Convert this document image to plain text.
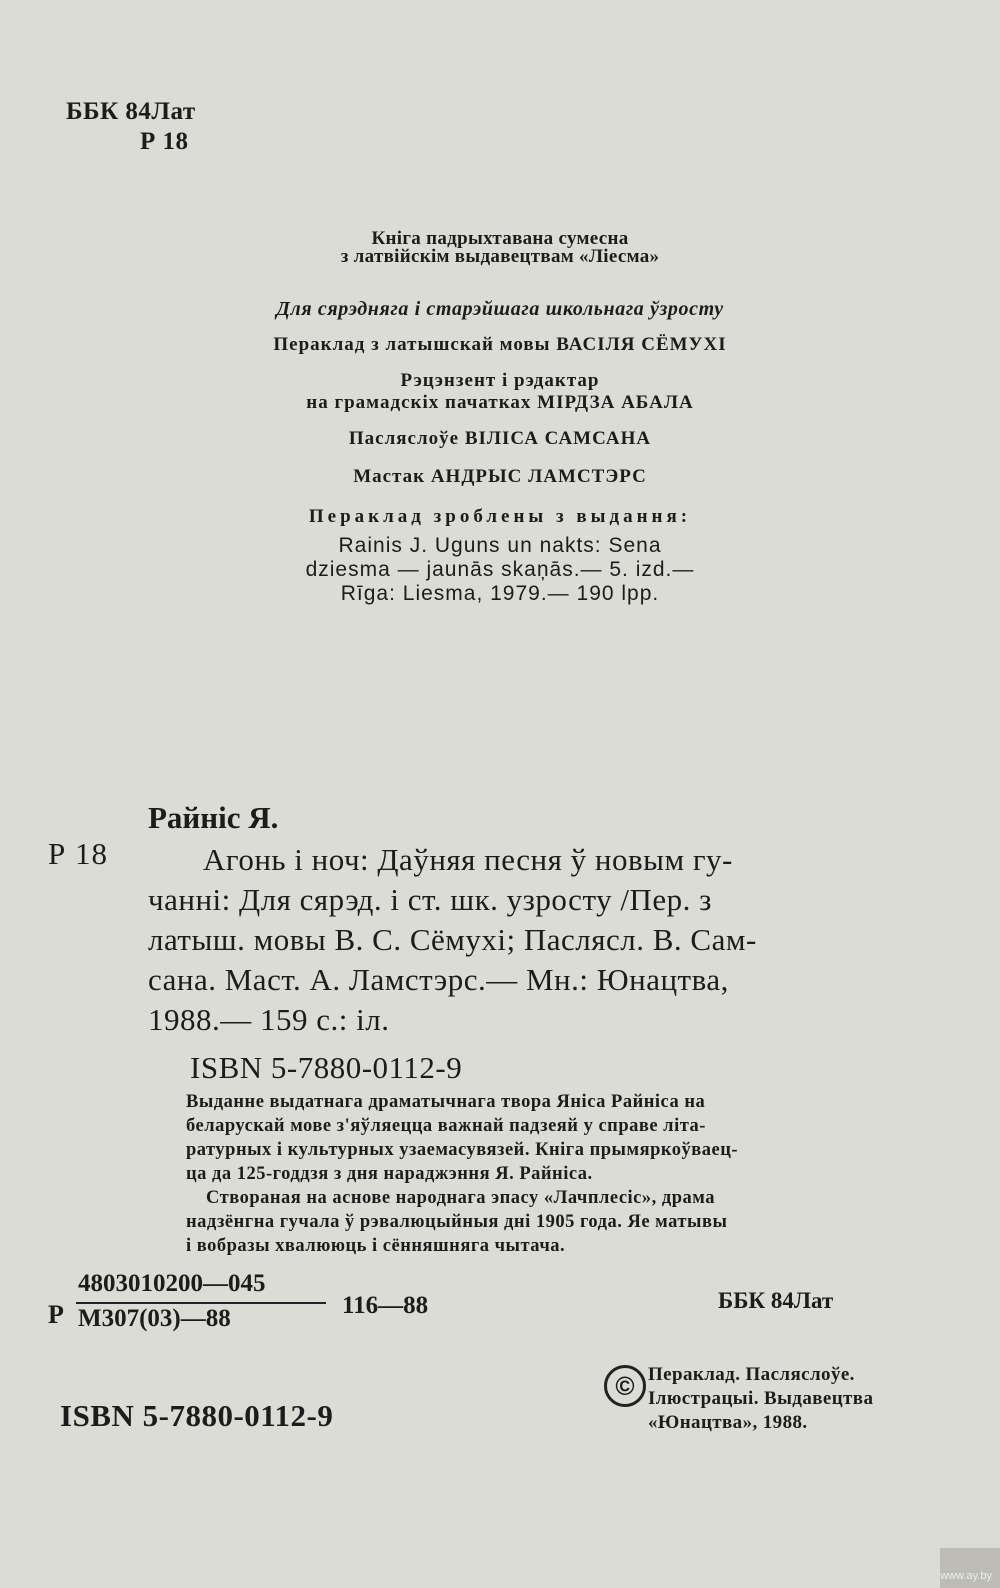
ББК 84Лат
Р 18
Кніга падрыхтавана сумесна
з латвійскім выдавецтвам «Ліесма»
Для сярэдняга і старэйшага школьнага ўзросту
Пераклад з латышскай мовы ВАСІЛЯ СЁМУХІ
Рэцэнзент і рэдактар
на грамадскіх пачатках МІРДЗА АБАЛА
Пасляслоўе ВІЛІСА САМСАНА
Мастак АНДРЫС ЛАМСТЭРС
Пераклад зроблены з выдання:
Rainis J. Uguns un nakts: Sena
dziesma — jaunās skaņās.— 5. izd.—
Rīga: Liesma, 1979.— 190 lpp.
Райніс Я.
Р 18	Агонь і ноч: Даўняя песня ў новым гу-
чанні: Для сярэд. і ст. шк. узросту /Пер. з
латыш. мовы В. С. Сёмухі; Пасляcл. В. Сам-
сана. Маст. А. Ламстэрс.— Мн.: Юнацтва,
1988.— 159 с.: іл.
ISBN 5-7880-0112-9
Выданне выдатнага драматычнага твора Яніса Райніса на
беларускай мове з'яўляецца важнай падзеяй у справе літа-
ратурных і культурных узаемасувязей. Кніга прымяркоўваец-
ца да 125-годдзя з дня нараджэння Я. Райніса.
Створаная на аснове народнага эпасу «Лачплесіс», драма
надзёнгна гучала ў рэвалюцыйныя дні 1905 года. Яе матывы
і вобразы хвалююць і сённяшняга чытача.
Р
4803010200—045
М307(03)—88	116—88	ББК 84Лат
ISBN 5-7880-0112-9
© Пераклад. Пасляслоўе.
Ілюстрацыі. Выдавецтва
«Юнацтва», 1988.
www.ay.by
